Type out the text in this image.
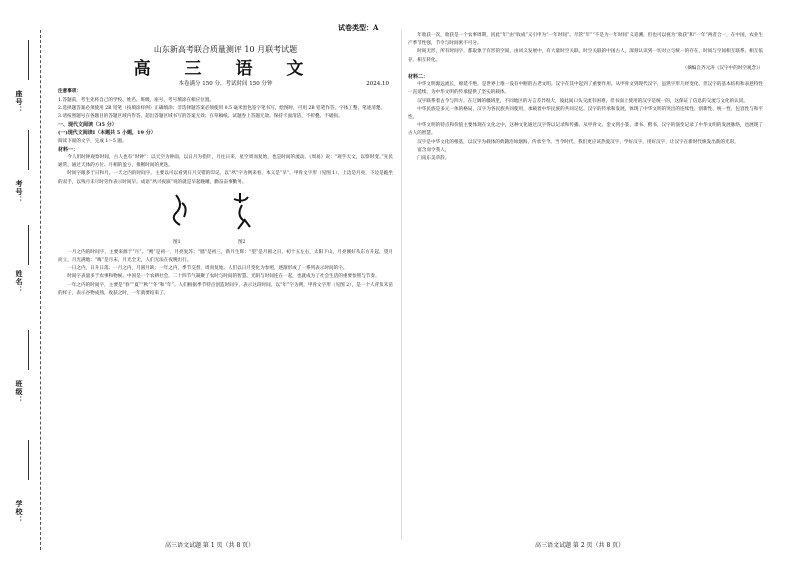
学校：
班级：
姓名：
考号：
座号：
试卷类型：A
山东新高考联合质量测评 10 月联考试题
高 三 语 文
本卷满分 150 分，考试时间 150 分钟	2024.10

注意事项：

1.答题前，考生先将自己的学校、姓名、班级、座号、考号填涂在相应位置。

2.选择题答案必须使用 2B 铅笔（按填涂样例）正确填涂；非选择题答案必须使用 0.5 毫米黑色签字笔书写，绘图时，可用 2B 铅笔作答，字体工整、笔迹清楚。

3.请按照题号在各题目的答题区域内作答，超出答题区域书写的答案无效；在草稿纸、试题卷上答题无效。保持卡面清洁，不折叠、不破损。

一、现代文阅读（35 分）

(一)现代文阅读Ⅰ（本题共 5 小题，19 分）

阅读下面的文字，完成 1～5 题。

材料一：

今人用时钟观察时间，古人也有“时钟”：以天空为钟面，以日月为指针，月往日来，星空周而复始，也是时间的流动。《周易》说：“观乎天文，以察时变。”先民通常，通过天体的方位、月相的盈亏，推断时间的更迭。

时间字眼多于日和月。一天之内的时间字，主要以可以看到日月交错的印记，以“夙”字为例来看，本义是“早”，甲骨文字形（见图 1），上边是月亮，下边是跪坐的双手，以残月未尽时劳作表示时间早。成语“夙兴夜寐”说的就是早起晚睡，勤奋奋事勤务。

图1	图2

一月之内的时间字，主要来源于“月”。“朔”是初一，月亮复苏；“朏”是初三，新月生辉；“望”是月圆之日，初十五左右，太阳下山，月亮刚好从东方升起，望月而立，月光满地；“晦”是月末，月光全无，人们无法在夜晚出行。

一日之内，日升日落；一月之内，月圆月缺；一年之内，季节交替，周而复始。人们以日月变化为参照，逐渐形成了一系列表示时间的字。

时间字表量多于农事和物候。中国是一个农耕社会，二十四节气凝聚了农时与时间的智慧。光阴与时间连在一起，也就成为了社会生活的重要参照与节奏。

一年之内的时间字，主要是“春”“夏”“秋”“冬”和“年”。人们根据季节特点创造时间字，表示这段时间。以“年”字为例，甲骨文字形（见图 2），是一个人背负禾苗的样子，表示谷物成熟，收获之时，一年就要结束了。

年收获一次，收获是一个农事周期，因此“年”由“收成”义引申为“一年时间”。尽管“年”“不是为一年时间”义追溯，但也可以视为“收获”和“一年”两者合一，在中国，农业生产季节性强，节令与时间密不可分。

时间无形，所有时间字，都取象于有形的空间，由词义发展中，有大量时空关联。时空关联的中国古人，深刻认识到一切对立与统一的存在，时间与空间相互联系、相互依存、相互转化。

（摘编自齐元涛《汉字中的时空观念》）

材料二：

中华文明源远流长，绵延不绝，是世界上唯一没有中断的古老文明。汉字在其中起到了重要作用。从甲骨文到现代汉字，虽然字形几经变化，但汉字的基本结构和表意特性一直延续，为中华文明的传承提供了坚实的载体。

汉字联系着古今与四方。在辽阔的疆域里，不同地区的方言差异很大，彼此间口头交流有困难，但书面上使用的汉字是统一的，这保证了信息的交流与文化的认同。

中华民族是多元一体的格局，汉字为各民族共同使用，承载着中华民族的共同记忆。汉字的传承和发展，体现了中华文明的突出的连续性、创新性、统一性、包容性与和平性。

中华文明的特点和价值主要体现在文化之中，这种文化通过汉字得以记录和传播。从甲骨文、金文到小篆、隶书、楷书，汉字的演变记录了中华文明的发展脉络，也展现了古人的智慧。

汉字是中华文化的根基，以汉字为载体的典籍浩如烟海，传承至今。当今时代，我们更应该热爱汉字、学好汉字、用好汉字，让汉字在新时代焕发出新的光彩。

富含而令我人，

门南东美草辞。

高三语文试题 第 1 页（共 8 页）	高三语文试题 第 2 页（共 8 页）
